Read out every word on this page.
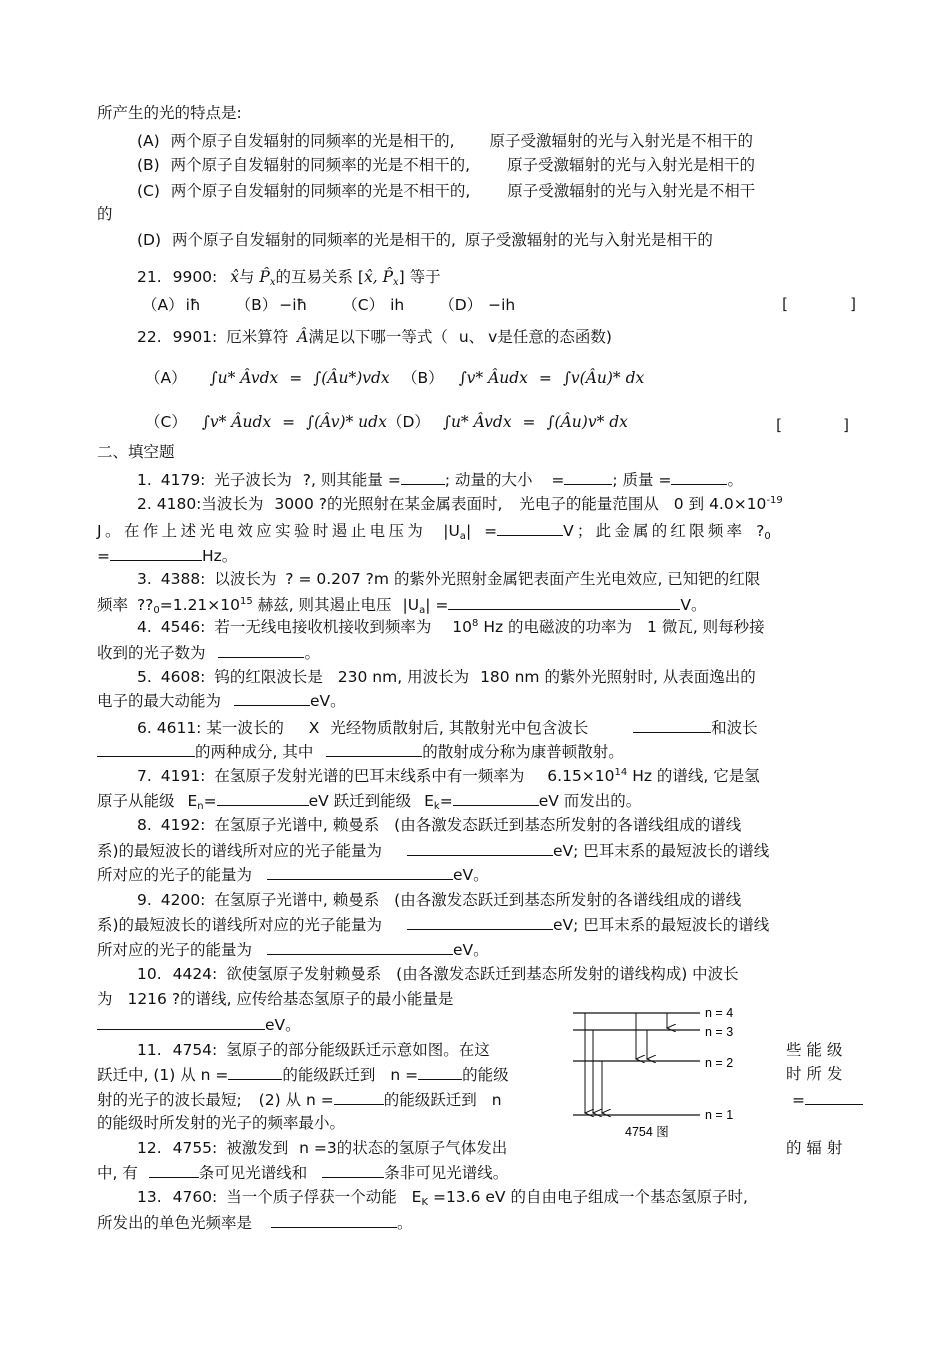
所产生的光的特点是:
(A) 两个原子自发辐射的同频率的光是相干的, 原子受激辐射的光与入射光是不相干的
(B) 两个原子自发辐射的同频率的光是不相干的, 原子受激辐射的光与入射光是相干的
(C) 两个原子自发辐射的同频率的光是不相干的, 原子受激辐射的光与入射光是不相干
的
(D) 两个原子自发辐射的同频率的光是相干的, 原子受激辐射的光与入射光是相干的
21. 9900: x̂与 $P̂_x$的互易关系 [x̂, $P̂_x$] 等于
（A） iħ （B） −iħ （C） ih （D） −ih	[	]
22. 9901: 厄米算符 Â满足以下哪一等式（ u、 v是任意的态函数)
（A） ∫u* Âvdx = ∫(Âu*)vdx （B） ∫v* Âudx = ∫v(Âu)* dx
（C） ∫v* Âudx = ∫(Âv)* udx （D） ∫u* Âvdx = ∫(Âu)v* dx	[	]
二、填空题
1. 4179: 光子波长为 ?, 则其能量 =	; 动量的大小 =	; 质量 =	。
2. 4180:当波长为 3000 ?的光照射在某金属表面时, 光电子的能量范围从 0 到 $4.0\times 10^{-19}$
J。在作上述光电效应实验时遏止电压为 $|U_a|$ =	V；此金属的红限频率 $?_0$
=	Hz。
3. 4388: 以波长为 ? = 0.207 ?m 的紫外光照射金属钯表面产生光电效应, 已知钯的红限
频率 $??_0=1.21\times 10^{15}$ 赫兹, 则其遏止电压 $|U_a|$ =	V。
4. 4546: 若一无线电接收机接收到频率为 $10^8$ Hz 的电磁波的功率为 1 微瓦, 则每秒接
收到的光子数为	。
5. 4608: 钨的红限波长是 230 nm, 用波长为 180 nm 的紫外光照射时, 从表面逸出的
电子的最大动能为	eV。
6. 4611: 某一波长的 X 光经物质散射后, 其散射光中包含波长	和波长
的两种成分, 其中	的散射成分称为康普顿散射。
7. 4191: 在氢原子发射光谱的巴耳末线系中有一频率为 $6.15\times 10^{14}$ Hz 的谱线, 它是氢
原子从能级 $E_n=$	eV 跃迁到能级 $E_k=$	eV 而发出的。
8. 4192: 在氢原子光谱中, 赖曼系 (由各激发态跃迁到基态所发射的各谱线组成的谱线
系)的最短波长的谱线所对应的光子能量为	eV; 巴耳末系的最短波长的谱线
所对应的光子的能量为	eV。
9. 4200: 在氢原子光谱中, 赖曼系 (由各激发态跃迁到基态所发射的各谱线组成的谱线
系)的最短波长的谱线所对应的光子能量为	eV; 巴耳末系的最短波长的谱线
所对应的光子的能量为	eV。
10. 4424: 欲使氢原子发射赖曼系 (由各激发态跃迁到基态所发射的谱线构成) 中波长
为 1216 ?的谱线, 应传给基态氢原子的最小能量是
eV。
11. 4754: 氢原子的部分能级跃迁示意如图。在这	些 能 级
跃迁中, (1) 从 n =	的能级跃迁到 n =	的能级	时 所 发
射的光子的波长最短; (2) 从 n =	的能级跃迁到 n	=
的能级时所发射的光子的频率最小。
n = 4
n = 3
n = 2
n = 1
4754 图
12. 4755: 被激发到 n =3的状态的氢原子气体发出	的 辐 射
中, 有	条可见光谱线和	条非可见光谱线。
13. 4760: 当一个质子俘获一个动能 $E_K =13.6$ eV 的自由电子组成一个基态氢原子时,
所发出的单色光频率是	。
